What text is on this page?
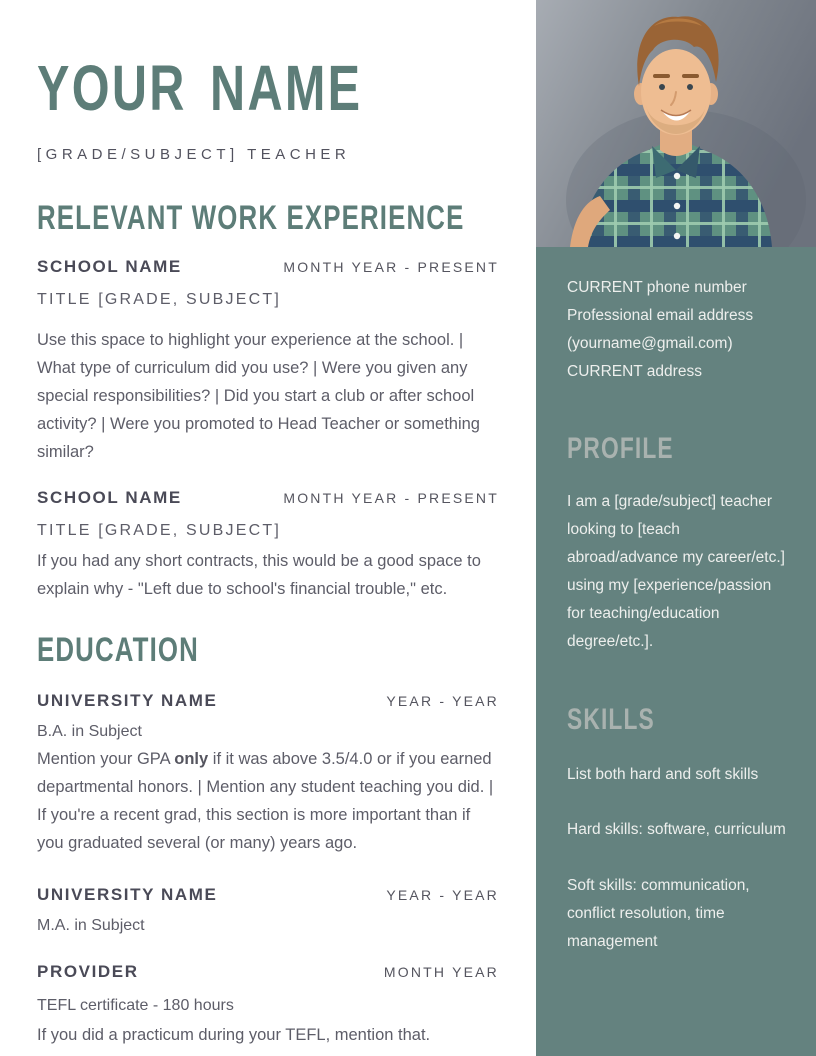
YOUR NAME
[GRADE/SUBJECT] TEACHER
RELEVANT WORK EXPERIENCE
SCHOOL NAME	MONTH YEAR - PRESENT
TITLE [GRADE, SUBJECT]

Use this space to highlight your experience at the school. | What type of curriculum did you use? | Were you given any special responsibilities? | Did you start a club or after school activity? | Were you promoted to Head Teacher or something similar?

SCHOOL NAME	MONTH YEAR - PRESENT
TITLE [GRADE, SUBJECT]

If you had any short contracts, this would be a good space to explain why - "Left due to school's financial trouble," etc.

EDUCATION
UNIVERSITY NAME	YEAR - YEAR
B.A. in Subject

Mention your GPA only if it was above 3.5/4.0 or if you earned departmental honors. | Mention any student teaching you did. | If you're a recent grad, this section is more important than if you graduated several (or many) years ago.

UNIVERSITY NAME	YEAR - YEAR
M.A. in Subject
PROVIDER	MONTH YEAR
TEFL certificate - 180 hours

If you did a practicum during your TEFL, mention that.

CURRENT phone number

Professional email address

(yourname@gmail.com)

CURRENT address

PROFILE

I am a [grade/subject] teacher looking to [teach abroad/advance my career/etc.] using my [experience/passion for teaching/education degree/etc.].

SKILLS

List both hard and soft skills

Hard skills: software, curriculum

Soft skills: communication, conflict resolution, time management
